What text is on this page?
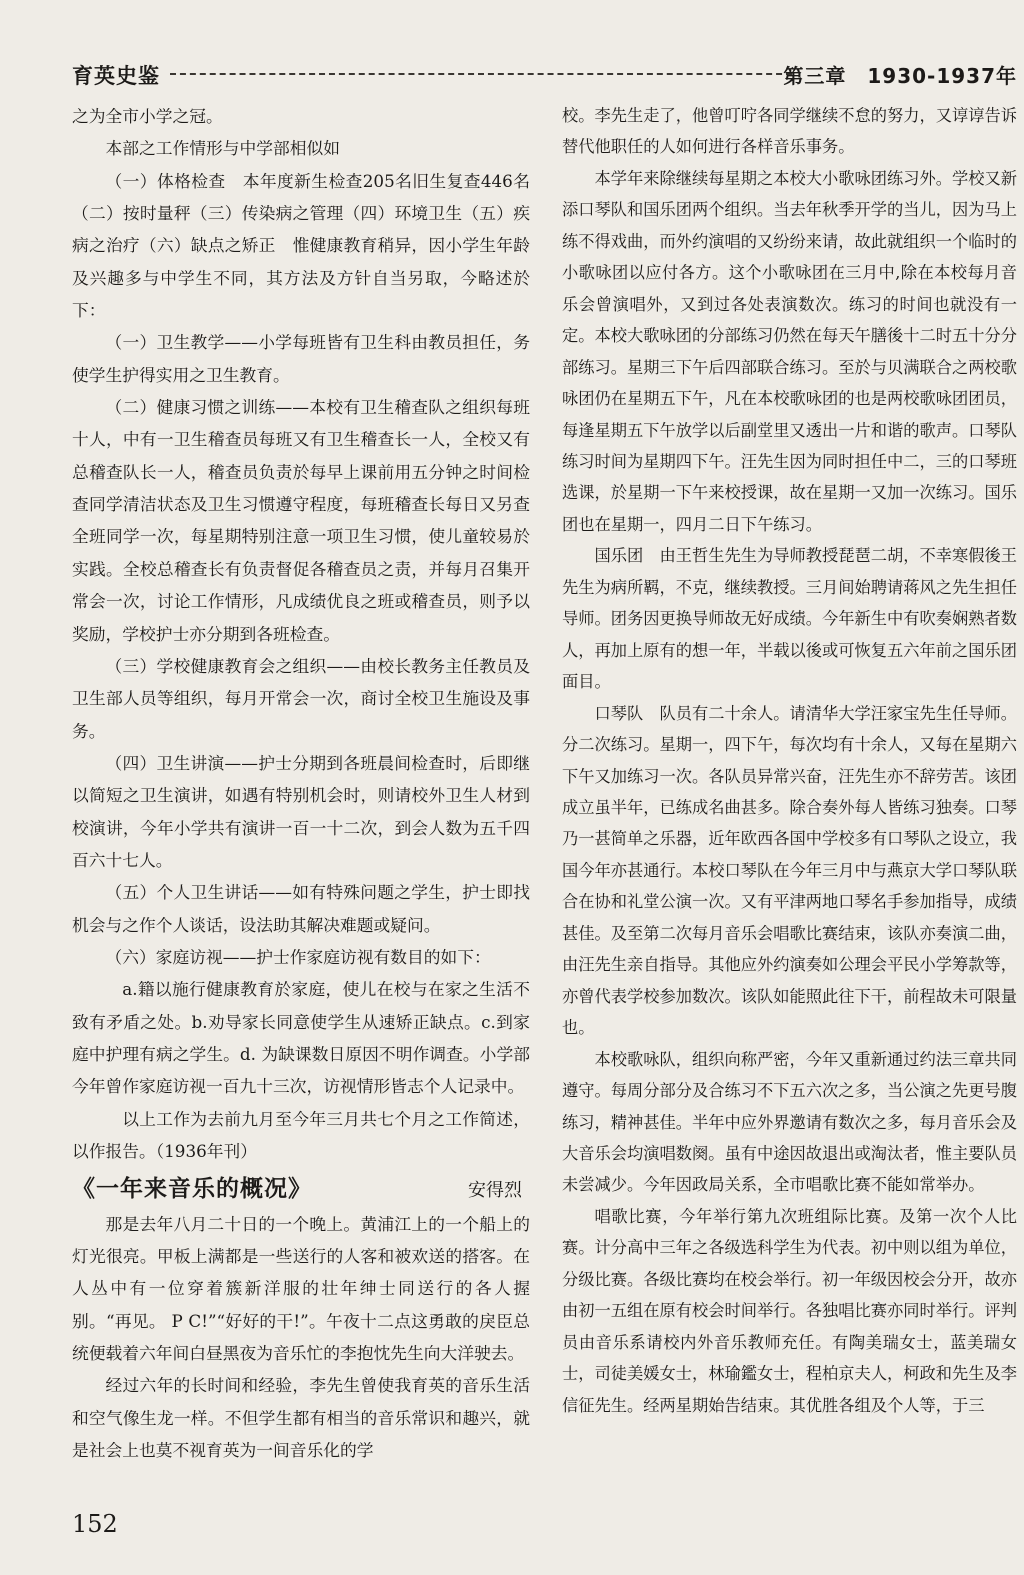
育英史鉴	第三章　1930-1937年

之为全市小学之冠。

本部之工作情形与中学部相似如

（一）体格检查　本年度新生检查205名旧生复查446名（二）按时量秤（三）传染病之管理（四）环境卫生（五）疾病之治疗（六）缺点之矫正　惟健康教育稍异，因小学生年龄及兴趣多与中学生不同，其方法及方针自当另取，今略述於下：

（一）卫生教学——小学每班皆有卫生科由教员担任，务使学生护得实用之卫生教育。

（二）健康习惯之训练——本校有卫生稽查队之组织每班十人，中有一卫生稽查员每班又有卫生稽查长一人，全校又有总稽查队长一人，稽查员负责於每早上课前用五分钟之时间检查同学清洁状态及卫生习惯遵守程度，每班稽查长每日又另查全班同学一次，每星期特别注意一项卫生习惯，使儿童较易於实践。全校总稽查长有负责督促各稽查员之责，并每月召集开常会一次，讨论工作情形，凡成绩优良之班或稽查员，则予以奖励，学校护士亦分期到各班检查。

（三）学校健康教育会之组织——由校长教务主任教员及卫生部人员等组织，每月开常会一次，商讨全校卫生施设及事务。

（四）卫生讲演——护士分期到各班晨间检查时，后即继以简短之卫生演讲，如遇有特别机会时，则请校外卫生人材到校演讲，今年小学共有演讲一百一十二次，到会人数为五千四百六十七人。

（五）个人卫生讲话——如有特殊问题之学生，护士即找机会与之作个人谈话，设法助其解决难题或疑问。

（六）家庭访视——护士作家庭访视有数目的如下：

a.籍以施行健康教育於家庭，使儿在校与在家之生活不致有矛盾之处。b.劝导家长同意使学生从速矫正缺点。c.到家庭中护理有病之学生。d. 为缺课数日原因不明作调查。小学部今年曾作家庭访视一百九十三次，访视情形皆志个人记录中。

以上工作为去前九月至今年三月共七个月之工作简述，以作报告。（1936年刊）

《一年来音乐的概况》	安得烈

那是去年八月二十日的一个晚上。黄浦江上的一个船上的灯光很亮。甲板上满都是一些送行的人客和被欢送的搭客。在人丛中有一位穿着簇新洋服的壮年绅士同送行的各人握别。“再见。 P C!”“好好的干!”。午夜十二点这勇敢的戾臣总统便载着六年间白昼黑夜为音乐忙的李抱忱先生向大洋驶去。

经过六年的长时间和经验，李先生曾使我育英的音乐生活和空气像生龙一样。不但学生都有相当的音乐常识和趣兴，就是社会上也莫不视育英为一间音乐化的学

校。李先生走了，他曾叮咛各同学继续不怠的努力，又谆谆告诉替代他职任的人如何进行各样音乐事务。

本学年来除继续每星期之本校大小歌咏团练习外。学校又新添口琴队和国乐团两个组织。当去年秋季开学的当儿，因为马上练不得戏曲，而外约演唱的又纷纷来请，故此就组织一个临时的小歌咏团以应付各方。这个小歌咏团在三月中,除在本校每月音乐会曾演唱外，又到过各处表演数次。练习的时间也就没有一定。本校大歌咏团的分部练习仍然在每天午膳後十二时五十分分部练习。星期三下午后四部联合练习。至於与贝满联合之两校歌咏团仍在星期五下午，凡在本校歌咏团的也是两校歌咏团团员，每逢星期五下午放学以后副堂里又透出一片和谐的歌声。口琴队练习时间为星期四下午。汪先生因为同时担任中二，三的口琴班选课，於星期一下午来校授课，故在星期一又加一次练习。国乐团也在星期一，四月二日下午练习。

国乐团　由王哲生先生为导师教授琵琶二胡，不幸寒假後王先生为病所羁，不克，继续教授。三月间始聘请蒋风之先生担任导师。团务因更换导师故无好成绩。今年新生中有吹奏娴熟者数人，再加上原有的想一年，半载以後或可恢复五六年前之国乐团面目。

口琴队　队员有二十余人。请清华大学汪家宝先生任导师。分二次练习。星期一，四下午，每次均有十余人，又每在星期六下午又加练习一次。各队员异常兴奋，汪先生亦不辞劳苦。该团成立虽半年，已练成名曲甚多。除合奏外每人皆练习独奏。口琴乃一甚简单之乐器，近年欧西各国中学校多有口琴队之设立，我国今年亦甚通行。本校口琴队在今年三月中与燕京大学口琴队联合在协和礼堂公演一次。又有平津两地口琴名手参加指导，成绩甚佳。及至第二次每月音乐会唱歌比赛结束，该队亦奏演二曲，由汪先生亲自指导。其他应外约演奏如公理会平民小学筹款等，亦曾代表学校参加数次。该队如能照此往下干，前程故未可限量也。

本校歌咏队，组织向称严密，今年又重新通过约法三章共同遵守。每周分部分及合练习不下五六次之多，当公演之先更号腹练习，精神甚佳。半年中应外界邀请有数次之多，每月音乐会及大音乐会均演唱数阕。虽有中途因故退出或淘汰者，惟主要队员未尝减少。今年因政局关系，全市唱歌比赛不能如常举办。

唱歌比赛，今年举行第九次班组际比赛。及第一次个人比赛。计分高中三年之各级选科学生为代表。初中则以组为单位，分级比赛。各级比赛均在校会举行。初一年级因校会分开，故亦由初一五组在原有校会时间举行。各独唱比赛亦同时举行。评判员由音乐系请校内外音乐教师充任。有陶美瑞女士，蓝美瑞女士，司徒美媛女士，林瑜鑑女士，程柏京夫人，柯政和先生及李信征先生。经两星期始告结束。其优胜各组及个人等，于三

152
